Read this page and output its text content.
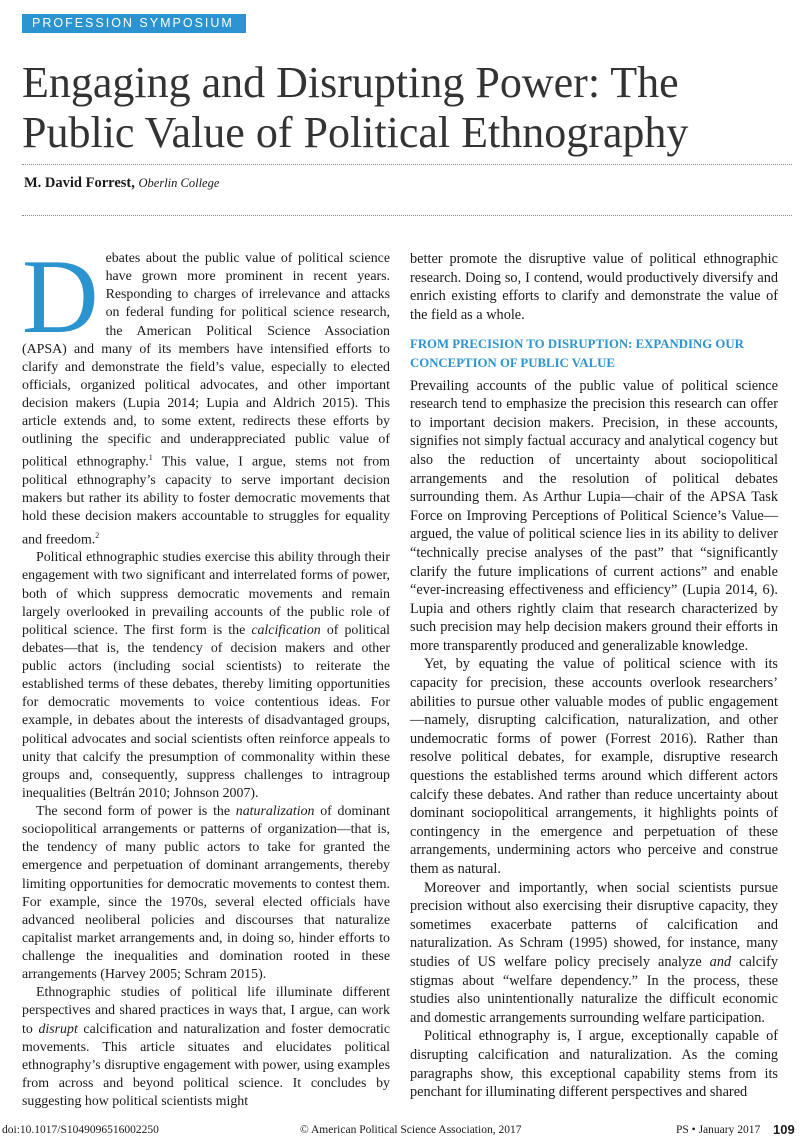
PROFESSION SYMPOSIUM
Engaging and Disrupting Power: The Public Value of Political Ethnography
M. David Forrest, Oberlin College

Debates about the public value of political science have grown more prominent in recent years. Responding to charges of irrelevance and attacks on federal funding for political science research, the American Political Science Association (APSA) and many of its members have intensified efforts to clarify and demonstrate the field’s value, especially to elected officials, organized political advocates, and other important decision makers (Lupia 2014; Lupia and Aldrich 2015). This article extends and, to some extent, redirects these efforts by outlining the specific and underappreciated public value of political ethnography.$^1$ This value, I argue, stems not from political ethnography’s capacity to serve important decision makers but rather its ability to foster democratic movements that hold these decision makers accountable to struggles for equality and freedom.$^2$

Political ethnographic studies exercise this ability through their engagement with two significant and interrelated forms of power, both of which suppress democratic movements and remain largely overlooked in prevailing accounts of the public role of political science. The first form is the calcification of political debates—that is, the tendency of decision makers and other public actors (including social scientists) to reiterate the established terms of these debates, thereby limiting opportunities for democratic movements to voice contentious ideas. For example, in debates about the interests of disadvantaged groups, political advocates and social scientists often reinforce appeals to unity that calcify the presumption of commonality within these groups and, consequently, suppress challenges to intragroup inequalities (Beltrán 2010; Johnson 2007).

The second form of power is the naturalization of dominant sociopolitical arrangements or patterns of organization—that is, the tendency of many public actors to take for granted the emergence and perpetuation of dominant arrangements, thereby limiting opportunities for democratic movements to contest them. For example, since the 1970s, several elected officials have advanced neoliberal policies and discourses that naturalize capitalist market arrangements and, in doing so, hinder efforts to challenge the inequalities and domination rooted in these arrangements (Harvey 2005; Schram 2015).

Ethnographic studies of political life illuminate different perspectives and shared practices in ways that, I argue, can work to disrupt calcification and naturalization and foster democratic movements. This article situates and elucidates political ethnography’s disruptive engagement with power, using examples from across and beyond political science. It concludes by suggesting how political scientists might

better promote the disruptive value of political ethnographic research. Doing so, I contend, would productively diversify and enrich existing efforts to clarify and demonstrate the value of the field as a whole.

FROM PRECISION TO DISRUPTION: EXPANDING OUR CONCEPTION OF PUBLIC VALUE

Prevailing accounts of the public value of political science research tend to emphasize the precision this research can offer to important decision makers. Precision, in these accounts, signifies not simply factual accuracy and analytical cogency but also the reduction of uncertainty about sociopolitical arrangements and the resolution of political debates surrounding them. As Arthur Lupia—chair of the APSA Task Force on Improving Perceptions of Political Science’s Value—argued, the value of political science lies in its ability to deliver “technically precise analyses of the past” that “significantly clarify the future implications of current actions” and enable “ever-increasing effectiveness and efficiency” (Lupia 2014, 6). Lupia and others rightly claim that research characterized by such precision may help decision makers ground their efforts in more transparently produced and generalizable knowledge.

Yet, by equating the value of political science with its capacity for precision, these accounts overlook researchers’ abilities to pursue other valuable modes of public engagement—namely, disrupting calcification, naturalization, and other undemocratic forms of power (Forrest 2016). Rather than resolve political debates, for example, disruptive research questions the established terms around which different actors calcify these debates. And rather than reduce uncertainty about dominant sociopolitical arrangements, it highlights points of contingency in the emergence and perpetuation of these arrangements, undermining actors who perceive and construe them as natural.

Moreover and importantly, when social scientists pursue precision without also exercising their disruptive capacity, they sometimes exacerbate patterns of calcification and naturalization. As Schram (1995) showed, for instance, many studies of US welfare policy precisely analyze and calcify stigmas about “welfare dependency.” In the process, these studies also unintentionally naturalize the difficult economic and domestic arrangements surrounding welfare participation.

Political ethnography is, I argue, exceptionally capable of disrupting calcification and naturalization. As the coming paragraphs show, this exceptional capability stems from its penchant for illuminating different perspectives and shared

doi:10.1017/S1049096516002250	© American Political Science Association, 2017	PS • January 2017 109
